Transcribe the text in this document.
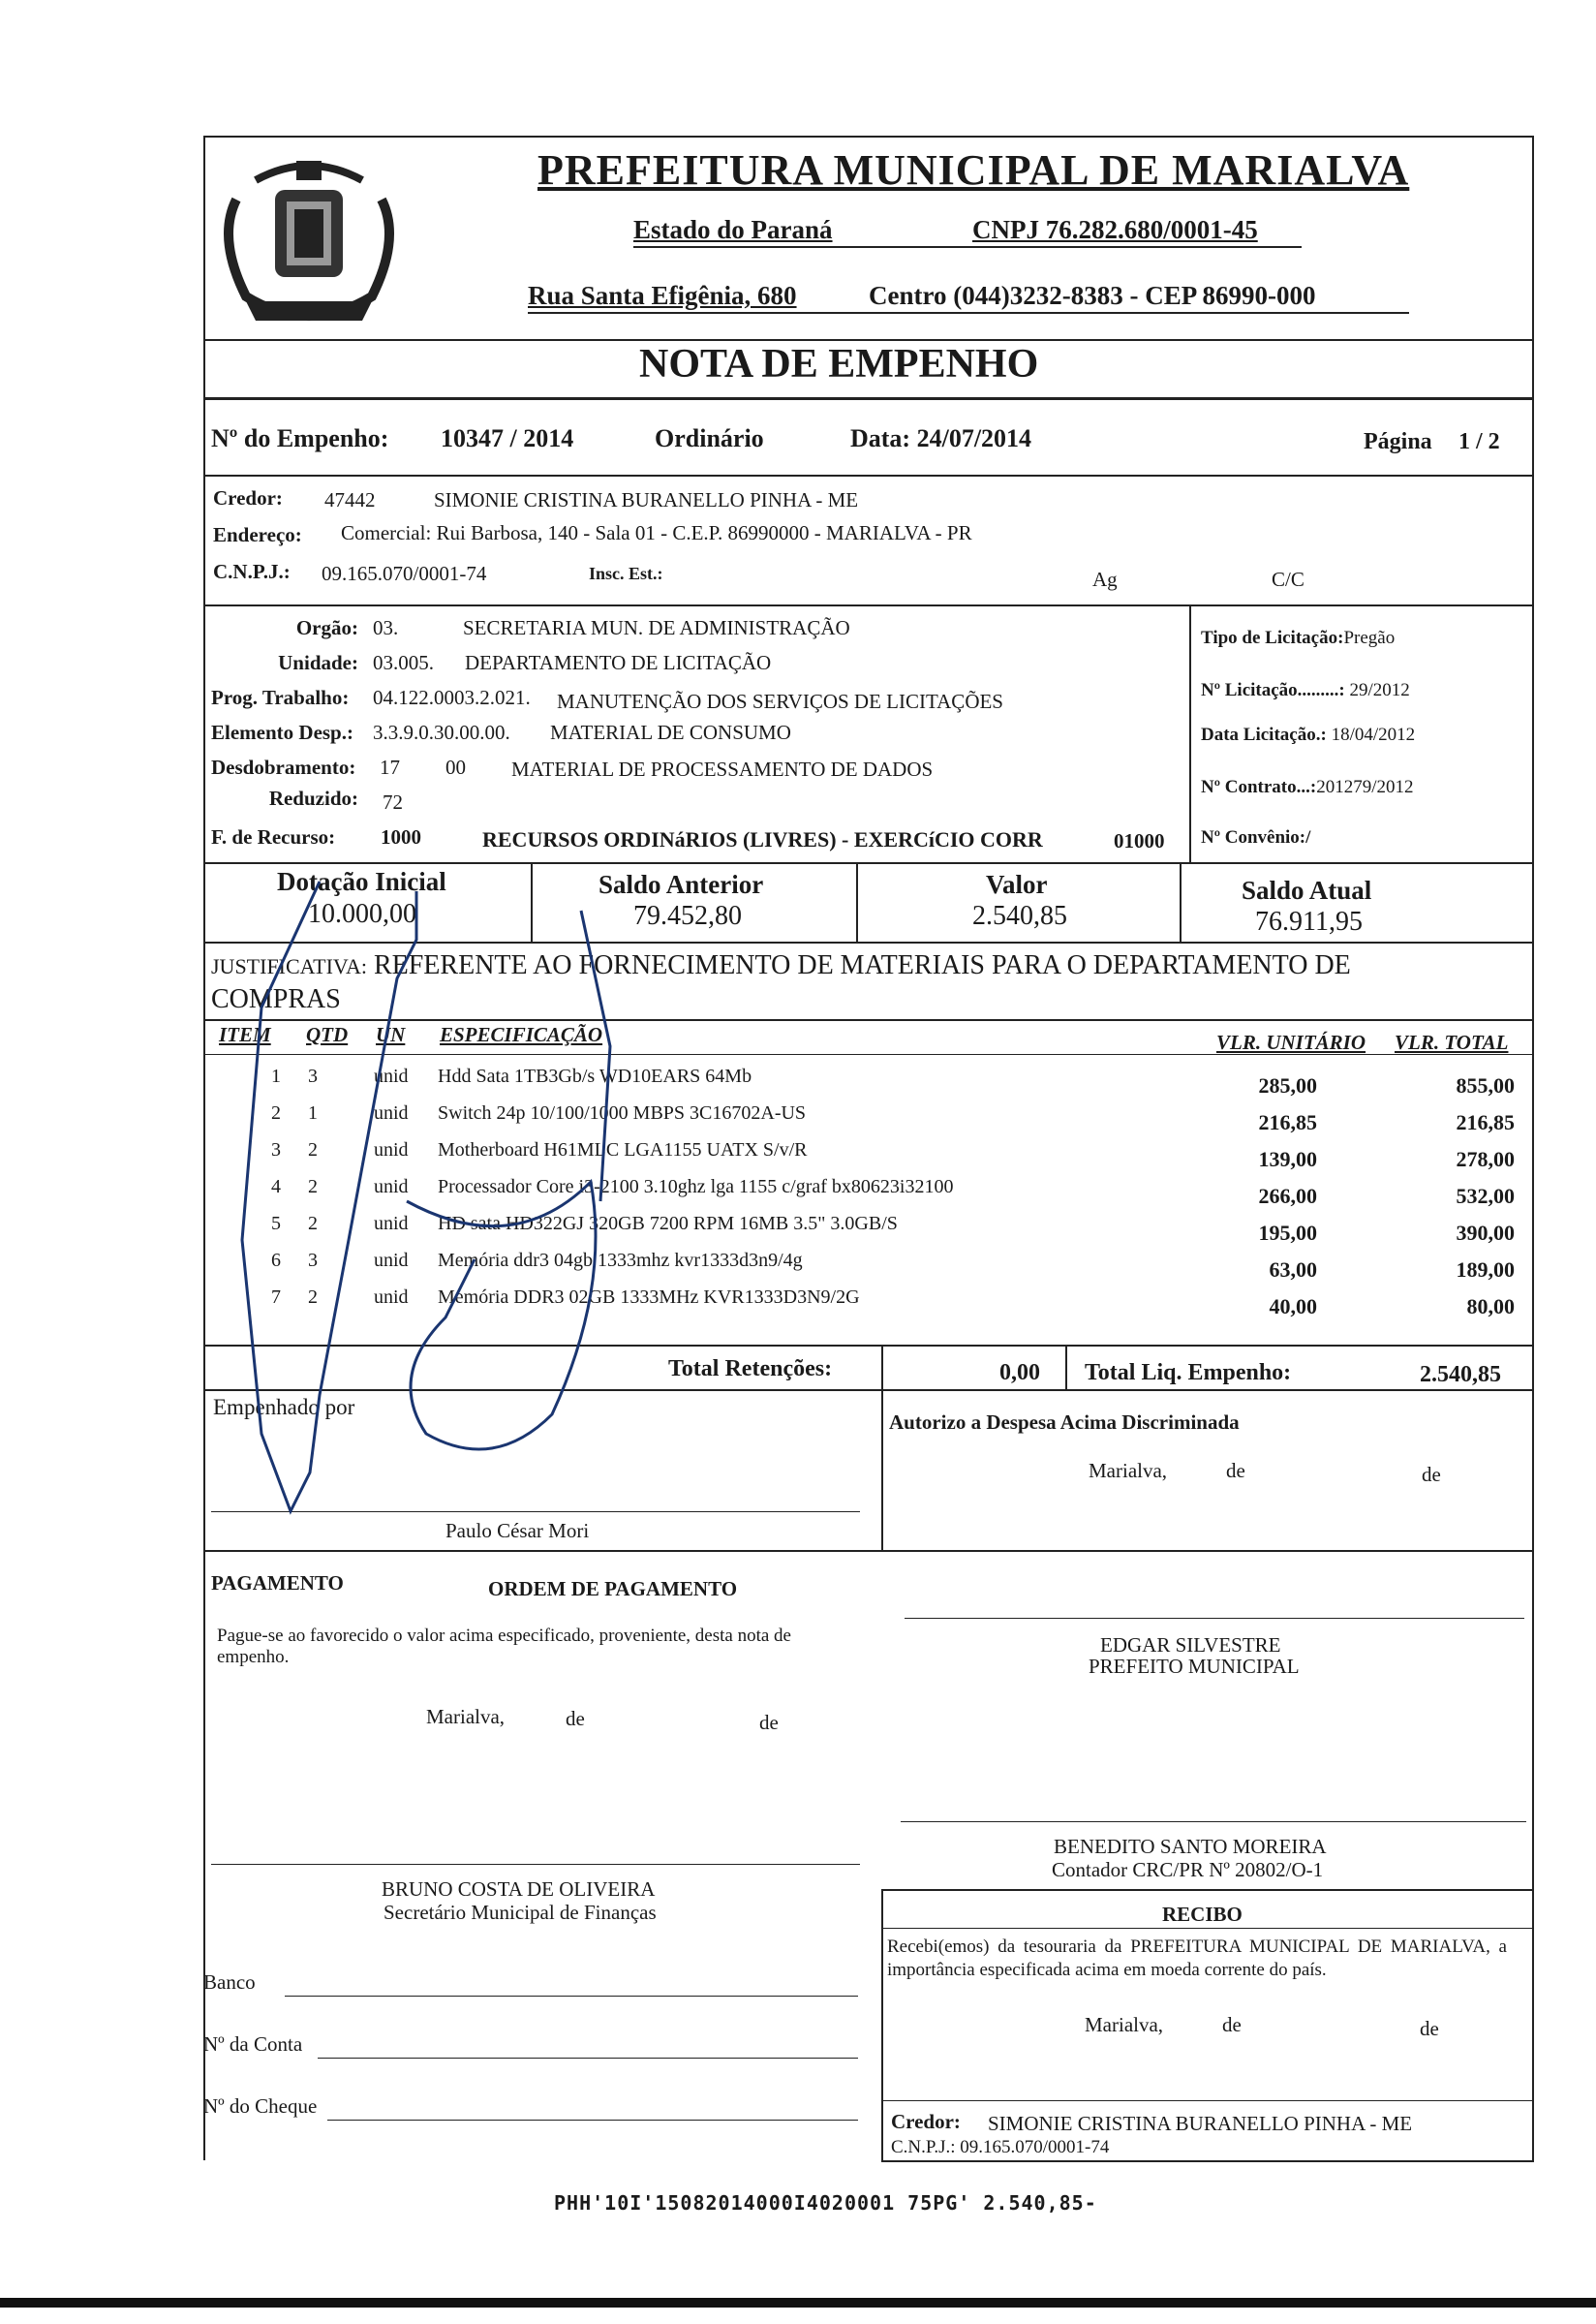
PREFEITURA MUNICIPAL DE MARIALVA
Estado do Paraná	CNPJ 76.282.680/0001-45
Rua Santa Efigênia, 680	Centro (044)3232-8383 - CEP 86990-000
NOTA DE EMPENHO
Nº do Empenho: 10347 / 2014	Ordinário	Data: 24/07/2014	Página 1 / 2
Credor: 47442	SIMONIE CRISTINA BURANELLO PINHA - ME
Endereço: Comercial: Rui Barbosa, 140 - Sala 01 - C.E.P. 86990000 - MARIALVA - PR
C.N.P.J.: 09.165.070/0001-74	Insc. Est.:	Ag	C/C
Orgão: 03.	SECRETARIA MUN. DE ADMINISTRAÇÃO
Unidade: 03.005. DEPARTAMENTO DE LICITAÇÃO
Prog. Trabalho: 04.122.0003.2.021. MANUTENÇÃO DOS SERVIÇOS DE LICITAÇÕES
Elemento Desp.: 3.3.9.0.30.00.00. MATERIAL DE CONSUMO
Desdobramento: 17 00 MATERIAL DE PROCESSAMENTO DE DADOS
Reduzido: 72
F. de Recurso: 1000	RECURSOS ORDINáRIOS (LIVRES) - EXERCíCIO CORR	01000
Tipo de Licitação:Pregão
Nº Licitação.........: 29/2012
Data Licitação.: 18/04/2012
Nº Contrato...:201279/2012
Nº Convênio:/
Dotação Inicial
10.000,00
Saldo Anterior
79.452,80
Valor
2.540,85
Saldo Atual
76.911,95
JUSTIFICATIVA: REFERENTE AO FORNECIMENTO DE MATERIAIS PARA O DEPARTAMENTO DE
COMPRAS
ITEM QTD UN ESPECIFICAÇÃO	VLR. UNITÁRIO VLR. TOTAL
1 3	unid	Hdd Sata 1TB3Gb/s WD10EARS 64Mb	285,00	855,00
2 1	unid	Switch 24p 10/100/1000 MBPS 3C16702A-US	216,85	216,85
3 2	unid	Motherboard H61MLC LGA1155 UATX S/v/R	139,00	278,00
4 2	unid	Processador Core i3-2100 3.10ghz lga 1155 c/graf bx80623i32100	266,00	532,00
5 2	unid	HD sata HD322GJ 320GB 7200 RPM 16MB 3.5" 3.0GB/S	195,00	390,00
6 3	unid	Memória ddr3 04gb 1333mhz kvr1333d3n9/4g	63,00	189,00
7 2	unid	Memória DDR3 02GB 1333MHz KVR1333D3N9/2G	40,00	80,00
Total Retenções:	0,00 Total Liq. Empenho:	2.540,85
Empenhado por
Paulo César Mori
Autorizo a Despesa Acima Discriminada
Marialva,	de	de
PAGAMENTO	ORDEM DE PAGAMENTO
Pague-se ao favorecido o valor acima especificado, proveniente, desta nota de empenho.
Marialva,	de	de
EDGAR SILVESTRE
PREFEITO MUNICIPAL
BENEDITO SANTO MOREIRA
Contador CRC/PR Nº 20802/O-1
BRUNO COSTA DE OLIVEIRA
Secretário Municipal de Finanças	RECIBO
Recebi(emos) da tesouraria da PREFEITURA MUNICIPAL DE MARIALVA, a importância especificada acima em moeda corrente do país.
Marialva,	de	de
Credor: SIMONIE CRISTINA BURANELLO PINHA - ME
C.N.P.J.: 09.165.070/0001-74
Banco
Nº da Conta
Nº do Cheque
PHH'10I'15082014000I4020001 75PG' 2.540,85-
